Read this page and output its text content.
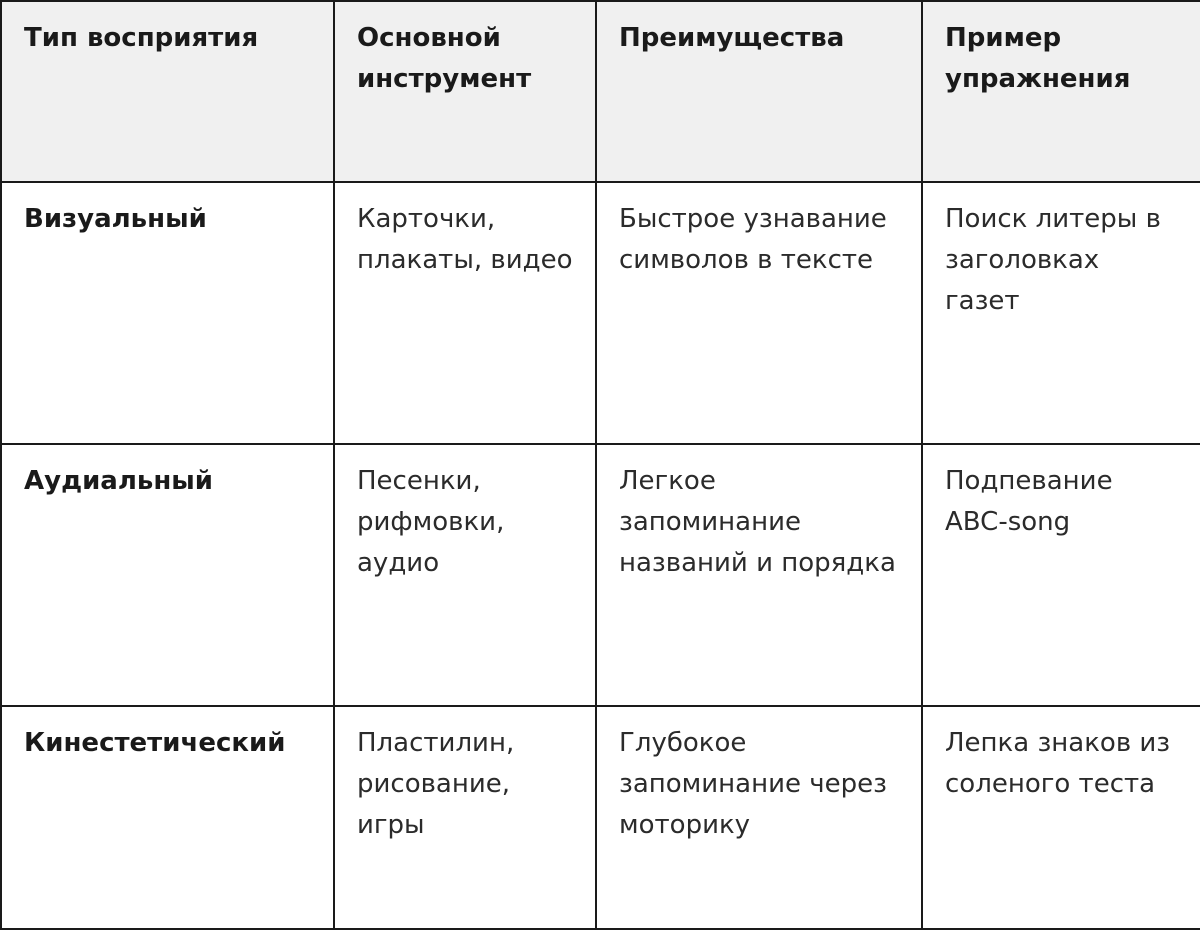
Тип восприятия	Основной инструмент	Преимущества	Пример упражнения
Визуальный	Карточки, плакаты, видео	Быстрое узнавание символов в тексте	Поиск литеры в заголовках газет
Аудиальный	Песенки, рифмовки, аудио	Легкое запоминание названий и порядка	Подпевание ABC-song
Кинестетический	Пластилин, рисование, игры	Глубокое запоминание через моторику	Лепка знаков из соленого теста
